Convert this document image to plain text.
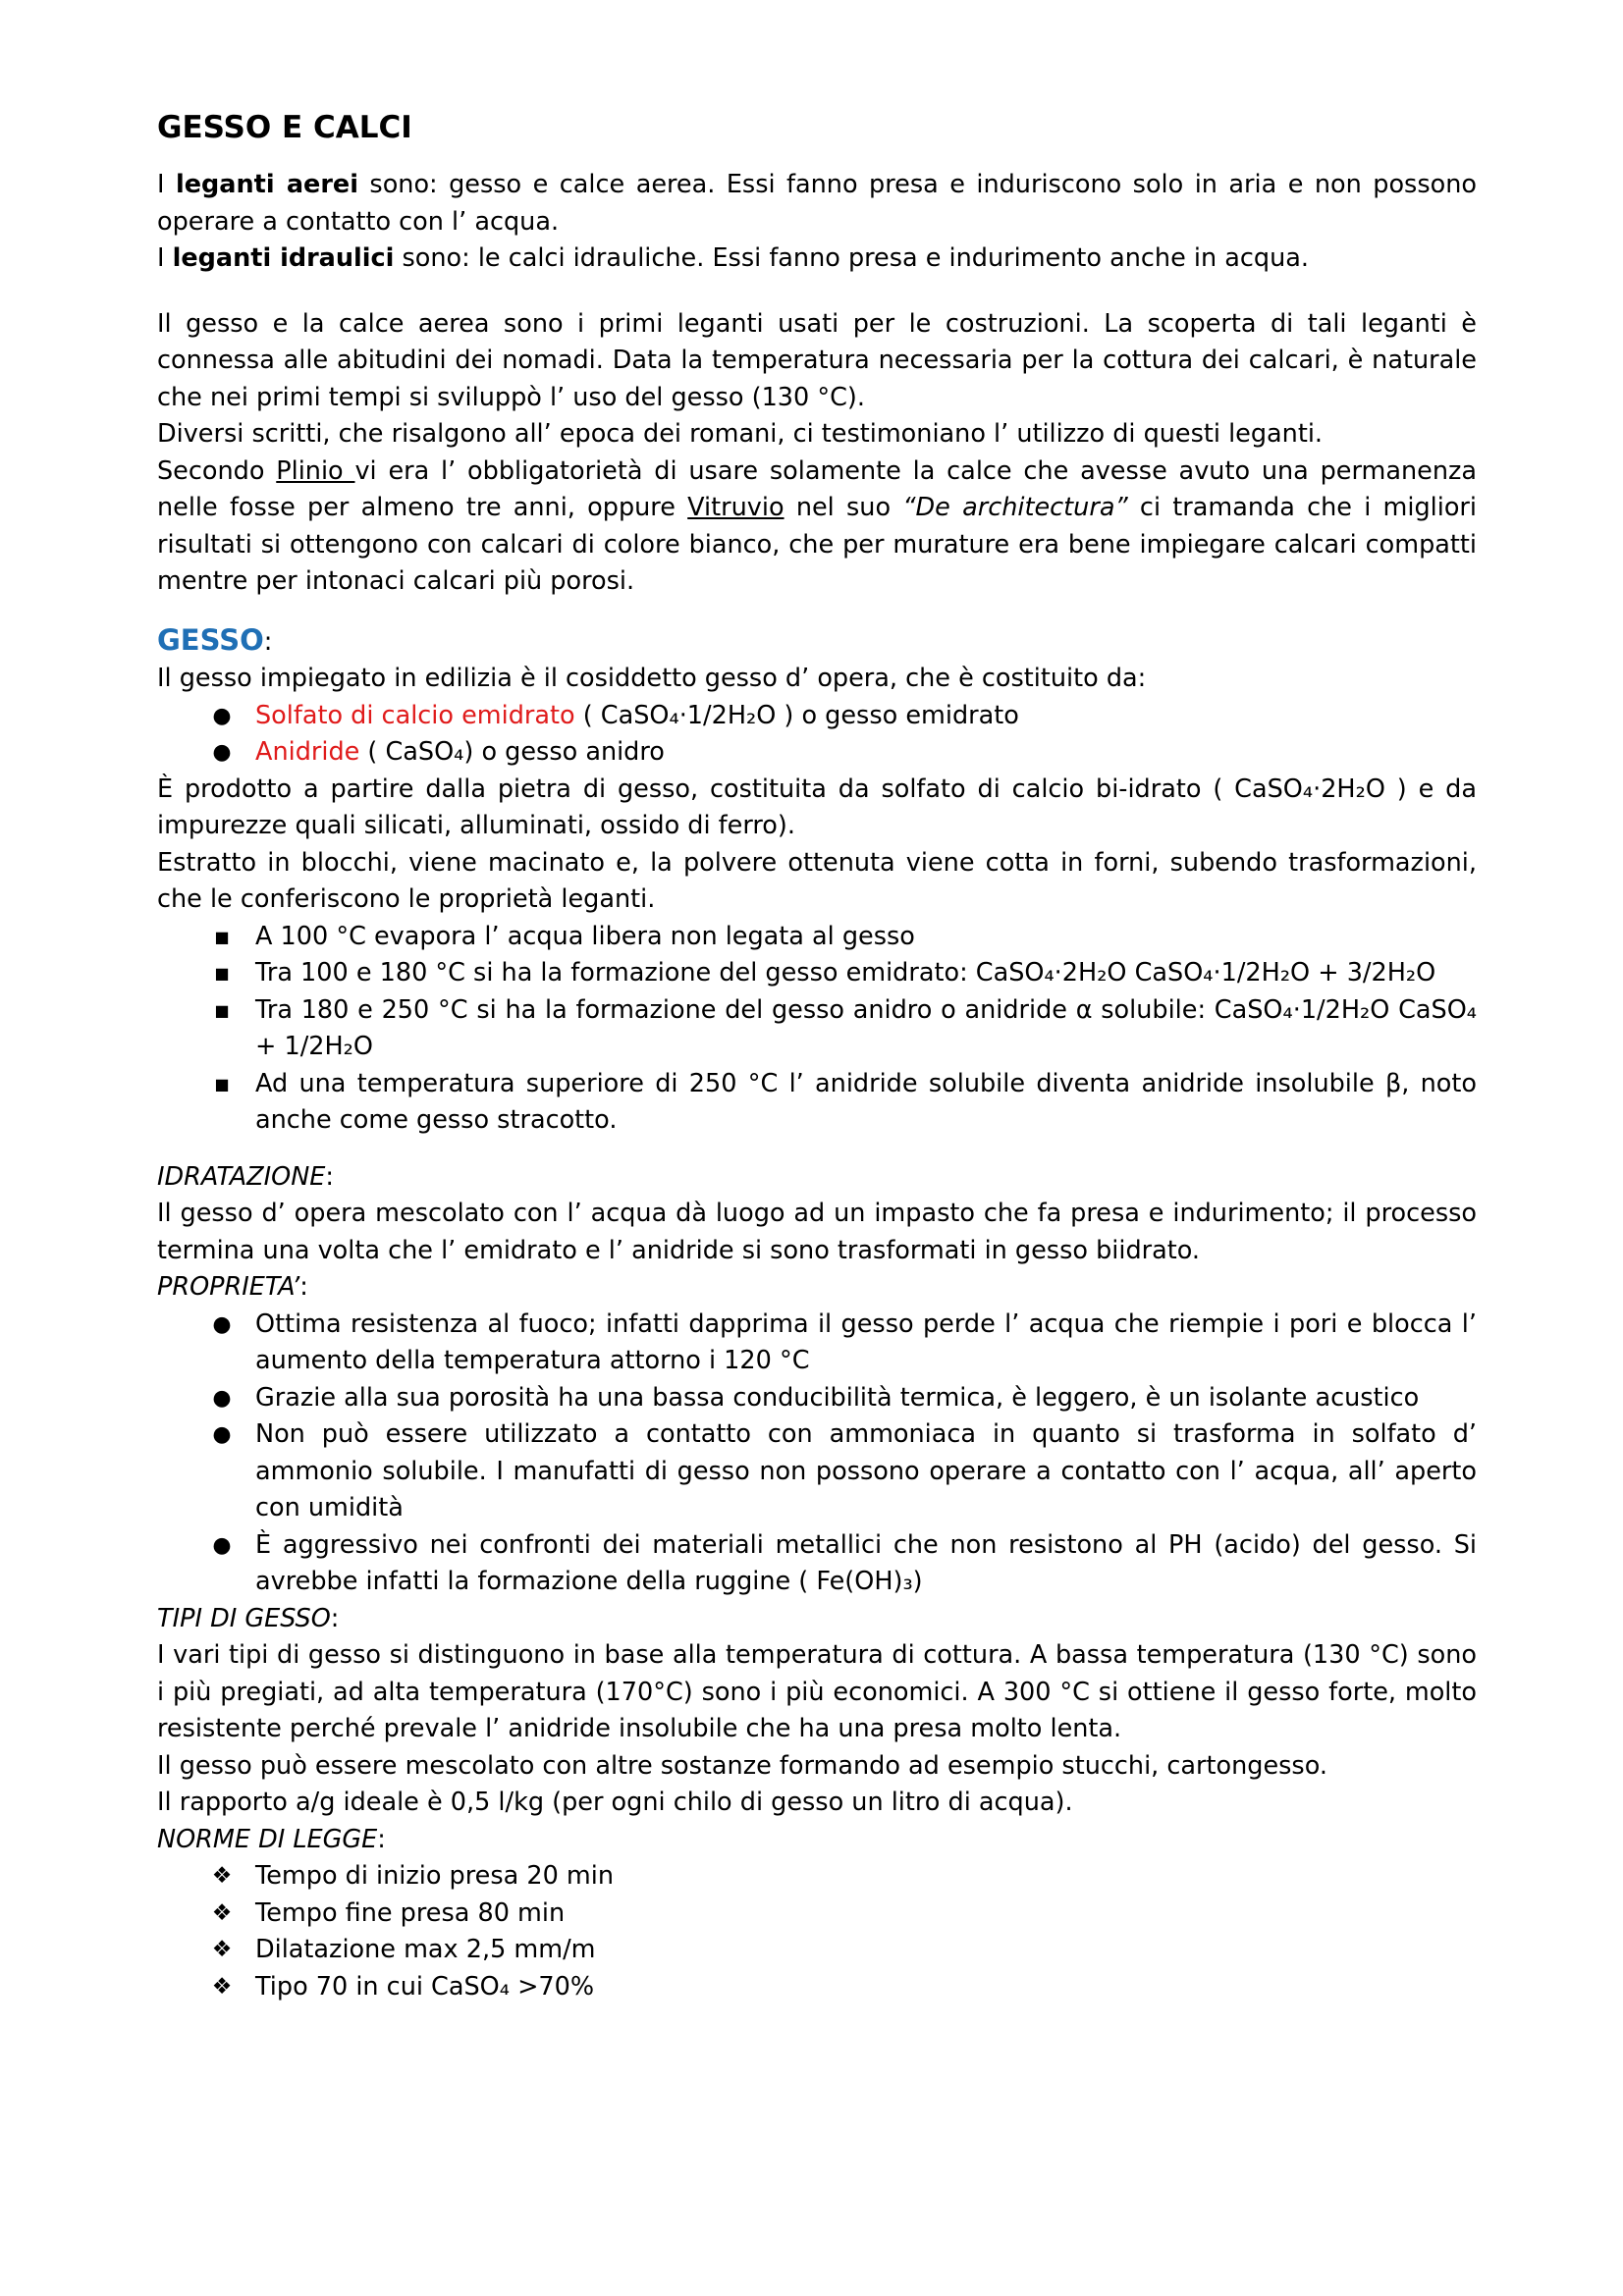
GESSO E CALCI

I leganti aerei sono: gesso e calce aerea. Essi fanno presa e induriscono solo in aria e non possono operare a contatto con l’ acqua.

I leganti idraulici sono: le calci idrauliche. Essi fanno presa e indurimento anche in acqua.

Il gesso e la calce aerea sono i primi leganti usati per le costruzioni. La scoperta di tali leganti è connessa alle abitudini dei nomadi. Data la temperatura necessaria per la cottura dei calcari, è naturale che nei primi tempi si sviluppò l’ uso del gesso (130 °C).

Diversi scritti, che risalgono all’ epoca dei romani, ci testimoniano l’ utilizzo di questi leganti.

Secondo Plinio vi era l’ obbligatorietà di usare solamente la calce che avesse avuto una permanenza nelle fosse per almeno tre anni, oppure Vitruvio nel suo “De architectura” ci tramanda che i migliori risultati si ottengono con calcari di colore bianco, che per murature era bene impiegare calcari compatti mentre per intonaci calcari più porosi.

GESSO:

Il gesso impiegato in edilizia è il cosiddetto gesso d’ opera, che è costituito da:

● Solfato di calcio emidrato ( CaSO₄·1/2H₂O ) o gesso emidrato
● Anidride ( CaSO₄) o gesso anidro

È prodotto a partire dalla pietra di gesso, costituita da solfato di calcio bi-idrato ( CaSO₄·2H₂O ) e da impurezze quali silicati, alluminati, ossido di ferro).

Estratto in blocchi, viene macinato e, la polvere ottenuta viene cotta in forni, subendo trasformazioni, che le conferiscono le proprietà leganti.

■ A 100 °C evapora l’ acqua libera non legata al gesso
■ Tra 100 e 180 °C si ha la formazione del gesso emidrato: CaSO₄·2H₂O CaSO₄·1/2H₂O + 3/2H₂O
■ Tra 180 e 250 °C si ha la formazione del gesso anidro o anidride α solubile: CaSO₄·1/2H₂O CaSO₄ + 1/2H₂O
■ Ad una temperatura superiore di 250 °C l’ anidride solubile diventa anidride insolubile β, noto anche come gesso stracotto.
IDRATAZIONE:

Il gesso d’ opera mescolato con l’ acqua dà luogo ad un impasto che fa presa e indurimento; il processo termina una volta che l’ emidrato e l’ anidride si sono trasformati in gesso biidrato.

PROPRIETA’:
● Ottima resistenza al fuoco; infatti dapprima il gesso perde l’ acqua che riempie i pori e blocca l’ aumento della temperatura attorno i 120 °C
● Grazie alla sua porosità ha una bassa conducibilità termica, è leggero, è un isolante acustico
● Non può essere utilizzato a contatto con ammoniaca in quanto si trasforma in solfato d’ ammonio solubile. I manufatti di gesso non possono operare a contatto con l’ acqua, all’ aperto con umidità
● È aggressivo nei confronti dei materiali metallici che non resistono al PH (acido) del gesso. Si avrebbe infatti la formazione della ruggine ( Fe(OH)₃)
TIPI DI GESSO:

I vari tipi di gesso si distinguono in base alla temperatura di cottura. A bassa temperatura (130 °C) sono i più pregiati, ad alta temperatura (170°C) sono i più economici. A 300 °C si ottiene il gesso forte, molto resistente perché prevale l’ anidride insolubile che ha una presa molto lenta.

Il gesso può essere mescolato con altre sostanze formando ad esempio stucchi, cartongesso.

Il rapporto a/g ideale è 0,5 l/kg (per ogni chilo di gesso un litro di acqua).

NORME DI LEGGE:
❖ Tempo di inizio presa 20 min
❖ Tempo fine presa 80 min
❖ Dilatazione max 2,5 mm/m
❖ Tipo 70 in cui CaSO₄ >70%
